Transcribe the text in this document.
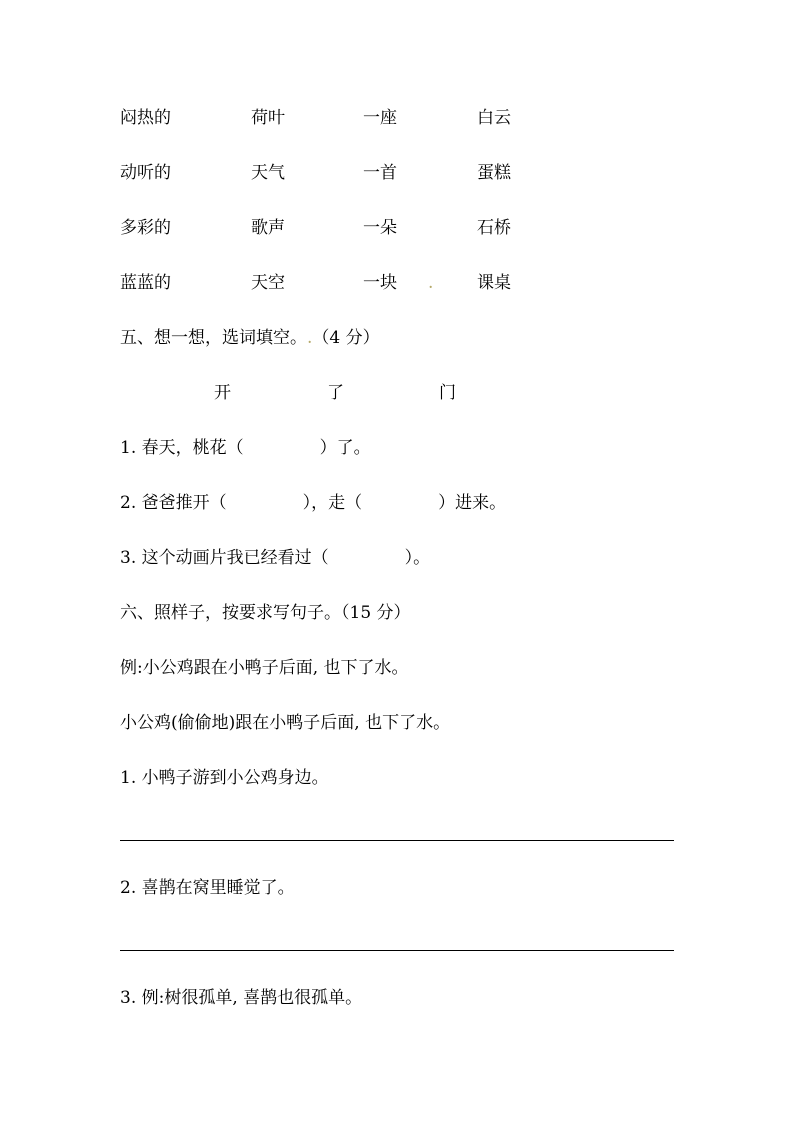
闷热的	荷叶	一座	白云
动听的	天气	一首	蛋糕
多彩的	歌声	一朵	石桥
蓝蓝的	天空	一块 .	课桌
五、想一想，选词填空。.（4 分）
开	了	门
1. 春天，桃花（	）了。
2. 爸爸推开（	），走（	）进来。
3. 这个动画片我已经看过（	）。
六、照样子，按要求写句子。（15 分）
例:小公鸡跟在小鸭子后面, 也下了水。
小公鸡(偷偷地)跟在小鸭子后面, 也下了水。
1. 小鸭子游到小公鸡身边。
2. 喜鹊在窝里睡觉了。
3. 例:树很孤单, 喜鹊也很孤单。
